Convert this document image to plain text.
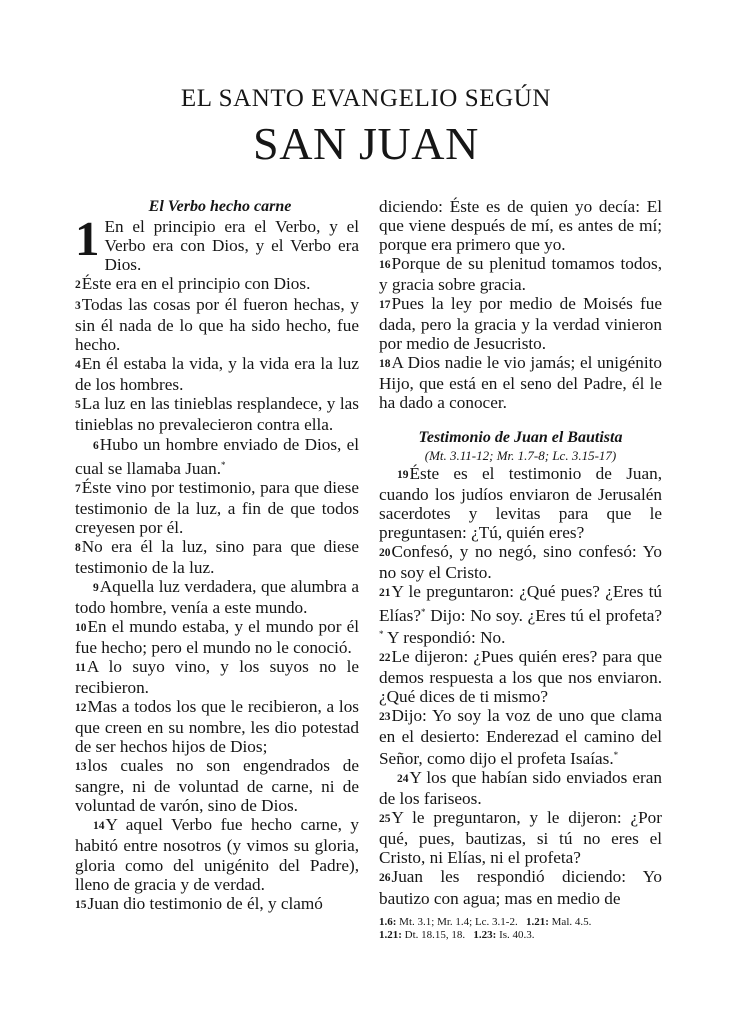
EL SANTO EVANGELIO SEGÚN
SAN JUAN
El Verbo hecho carne

1 En el principio era el Verbo, y el Verbo era con Dios, y el Verbo era Dios.

2Éste era en el principio con Dios.

3Todas las cosas por él fueron hechas, y sin él nada de lo que ha sido hecho, fue hecho.

4En él estaba la vida, y la vida era la luz de los hombres.

5La luz en las tinieblas resplandece, y las tinieblas no prevalecieron contra ella.

6Hubo un hombre enviado de Dios, el cual se llamaba Juan.*

7Éste vino por testimonio, para que diese testimonio de la luz, a fin de que todos creyesen por él.

8No era él la luz, sino para que diese testimonio de la luz.

9Aquella luz verdadera, que alumbra a todo hombre, venía a este mundo.

10En el mundo estaba, y el mundo por él fue hecho; pero el mundo no le conoció.

11A lo suyo vino, y los suyos no le recibieron.

12Mas a todos los que le recibieron, a los que creen en su nombre, les dio potestad de ser hechos hijos de Dios;

13los cuales no son engendrados de sangre, ni de voluntad de carne, ni de voluntad de varón, sino de Dios.

14Y aquel Verbo fue hecho carne, y habitó entre nosotros (y vimos su gloria, gloria como del unigénito del Padre), lleno de gracia y de verdad.

15Juan dio testimonio de él, y clamó

diciendo: Éste es de quien yo decía: El que viene después de mí, es antes de mí; porque era primero que yo.

16Porque de su plenitud tomamos todos, y gracia sobre gracia.

17Pues la ley por medio de Moisés fue dada, pero la gracia y la verdad vinieron por medio de Jesucristo.

18A Dios nadie le vio jamás; el unigénito Hijo, que está en el seno del Padre, él le ha dado a conocer.

Testimonio de Juan el Bautista
(Mt. 3.11-12; Mr. 1.7-8; Lc. 3.15-17)

19Éste es el testimonio de Juan, cuando los judíos enviaron de Jerusalén sacerdotes y levitas para que le preguntasen: ¿Tú, quién eres?

20Confesó, y no negó, sino confesó: Yo no soy el Cristo.

21Y le preguntaron: ¿Qué pues? ¿Eres tú Elías?* Dijo: No soy. ¿Eres tú el profeta?* Y respondió: No.

22Le dijeron: ¿Pues quién eres? para que demos respuesta a los que nos enviaron. ¿Qué dices de ti mismo?

23Dijo: Yo soy la voz de uno que clama en el desierto: Enderezad el camino del Señor, como dijo el profeta Isaías.*

24Y los que habían sido enviados eran de los fariseos.

25Y le preguntaron, y le dijeron: ¿Por qué, pues, bautizas, si tú no eres el Cristo, ni Elías, ni el profeta?

26Juan les respondió diciendo: Yo bautizo con agua; mas en medio de

1.6: Mt. 3.1; Mr. 1.4; Lc. 3.1-2. 1.21: Mal. 4.5.
1.21: Dt. 18.15, 18. 1.23: Is. 40.3.
